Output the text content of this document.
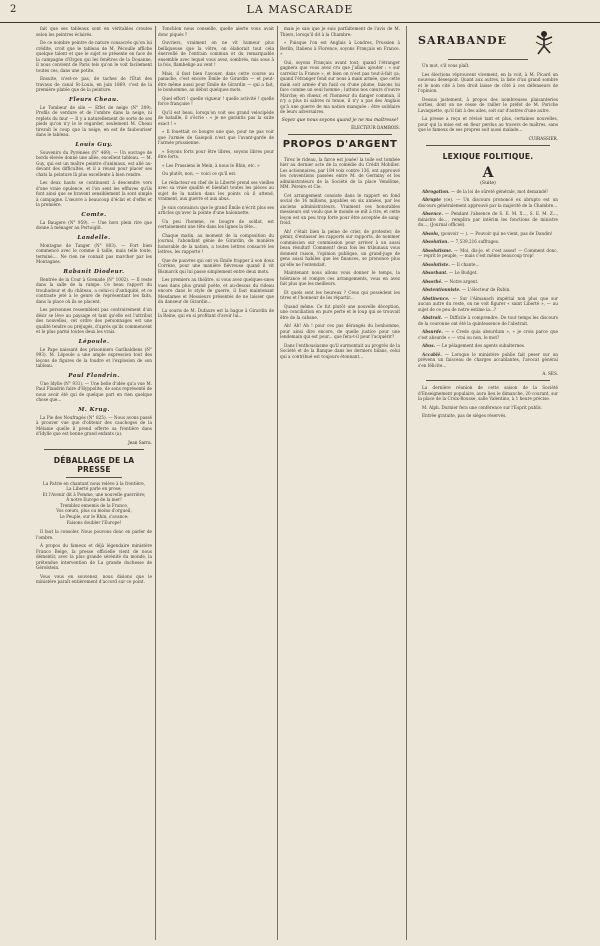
2	LA MASCARADE

fait que ses tableaux sont en véritables croutes selon les peintres éclairés.

De ce nombre peintre de nature consacrés qu'on lui crédite, croit que le tableau de M. Pécoulle affiche quelque talent et que le sujet se présente en face de la campagne d'Orgon qui les fenêtres de la Douanne, il nous convient de Paris tels qu'on le voit facilement toutes ces, dans une petite.

Ensuite, n'est-ce pas, de taches de l'État des travaux de canal St-Louis, en juin 1869, c'est de la première platée que de la peinture.

Fleurs Cheau.

Le Tombeur de sile — Effet de neige (N° 209). Profils de verdure et de l'ombre dans la neige, ni replets du mur — Il y a naturellement de sorte de ses pieds qu'on n'y le le regarder, seulement M. Cheau tireraît le coup que la neige, en est de faubouriser dans le tableau.

Louis Guy.

Souvenirs du Pyrénées (N° 469). — Un ouvrage de bords élevée donné une allée, excellent tableau. — M. Guy, qui est un maître peintre d'animaux, est allé au-devant des difficultés, et il a réussi pour placer ses chats la peinture là plus excellente à bien rendre.

Les deux hauts se continuent à descendre vers d'une vraie opulence, et l'on sent les effluves qu'ils font ainsi que se bravent sensiblement la sont simple à campagne. L'œuvre a beaucoup d'éclat et d'effet et la première.

Comte.

La Baugere (N° 959). — Une hors plein rire que donne à ménager au Pertuiglit.

Landelle.

Montagne de Tanger (N° 803). — Fort bien commencé avec le comme il taille, mais telle toute, terminé.... Ne rien ne connait pas marcher par les Montagnes.

Rabanit Diodeur.

Rentrée de la Cour à Grenade (N° 1002). — Il reste dans la salle de la rampe. Ce beau rapport du troubadour et du château, a celui-ci d'antiquité, et ce contraste jeté à le genre de représentant les faits, dans la place où ils se placent.

Les personnes ressemblent pas contrairement d'un désir se lève au paysage et tant qu'elle est l'attribut des nouvelles, cet ordre des personnages est une qualité tendre ou préjugés, d'après qu'ils commencent et le plus parmi toutes deux les vrais.

Lépoule.

Le Pape naissant des prisonniers Garibaldiens (N° 993). M. Lépoule a une ample expression tout des leçons de figures de la foudre et l'explosion de son tableau.

Paul Flandrin.

Une Idylle (N° 931). — Une belle d'idée qu'a vue M. Paul Flandrin faire d'Hyppolite, de sons représenté de nous avoir été qui de quelque part en rien quelque chose que...

M. Krug.

La Pie des Noufragés (N° 825). — Nous avons passé à prouver vue que d'obtenir des cauchoges de la Mélanie quelle il prend offerte sa frontière dans d'Idylle que est bonne grand enfants (a).

Jean Sarra.
DÉBALLAGE DE LA PRESSE
La Patrie en chantant nous relève à la frontière,
La Liberté parle en prose;
Et l'Avenir dit à Pomme, une nouvelle guerrière;
À notre Europe de la mer!
Tremblez ennemis de la France,
Vos cœurs, plus ou moins d'orgueil,
Le Peuple, sur le Rhin, s'avance:
Faisons doubler l'Europe!

Il faut la consoler. Nous pouvons donc en parler de l'ombre.

À propos du fameux et déjà légendaire ministère Franco Belge, la presse officielle vient de nous démentir, avec la plus grande sérénité du monde, la prétendue intervention de La grande duchesse de Gérolstein.

Vous vous en souvenez, nous disions que le ministère paraît entièrement d'accord sur ce point.

Tonchlon nous conseille, quelle alerte vous avait donc piqués ?

Ouvriers, vraiment on ne vit humeur plus belliqueuse que la vôtre, on élaborait tout cela énervellé de l'entrain commun et du remarquable ensemble avec lequel vous avez, sombrés, mis sous à la fois, flambelige au vent !

Mais, il faut bien l'avouer, dans cette course au panache, c'est encore Émile de Girardin — et peut-être même aussi pour Émile de Girardin — qui a fait, le bonhomme, au début quelques mots.

Quel effort ! quelle vigueur ! quelle activité ! quelle force française !

Qu'il est beau, lorsqu'on voit ses grand velocipède de bataille, il s'écrie : « je ne garantis pas la suite exact ! »

« Il fouettait ce bougre une que, pour ne pas voir que l'armée de Gaiepoli n'est que l'avant-garde de l'armée prussienne.

« Soyons forts pour être libres, soyons libres pour être forts.

« Les Prussiens le Mein, à nous le Rhin, etc. »

Ou plutôt, non, — voici ce qu'il est.

Le rédacteur en chef de la Liberté prend ses vieilles avec sa vraie qualité et bienfait toutes les pièces au sujet de la nation dans les points où il attend, vraiment, aux guerre et aux abus.

Je suis convaincu que le grand Émile n'écrit plus ses articles qu'avec la pointe d'une baïonnette.

Un peu l'homme, ce bougre de soldat, est certainement une tête dans les lignes la tête...

Chaque matin, au moment de la composition du journal, l'abondant génie de Girardin, de manière honorable de la nation, a toutes lettres consacré les lettres, les rapporte !

Que de pauvres qui ont vu Émile frapper à son doux Corrèze, pour une manière fiévreuse quand il vit Bismarck qui lui passe simplement entre deux mots.

Les premiers au théâtre, si vous avez quelques-unes vues dans plus grand poète, et au-dessus du rideau encore dans le style de guerre, il faut maintenant Mesdames et Messieurs présentés de ne laisser que du danseur de Girardin...

La souris de M. Dufaure est la bague à Girardin de la Reine, qui en si profitant d'avoir lui...

mais je sais que je suis parfaitement de l'avis de M. Thiers, lorsqu'il dit à la Chambre:

« Puisque l'on est Anglais à Londres, Prussien à Berlin, Italiens à Florence, soyons Français en France. »

Oui, soyons Français avant tout; quand l'étranger gagnera que vous avez cru que j'allais ajouter : « sur carrelur la France », et bien on n'est pas tout-à-fait ça; quand l'étranger fond sur nous à main armée, que cette main soit armée d'un fusil ou d'une plume, faisons lui face comme un seul homme ; luttons nos cœurs d'ouvre Marche; en chœur, et l'honneur du danger commun, il n'y a plus ni sabres ni tenue, il n'y a pas des Anglais qu'à une guerre de ma nation manquée : être solidaire de leurs adversaires.

Soyez que nous soyons quand je ne ma maîtresse!
ÉLECTEUR DAMBOIS.
PROPOS D'ARGENT

Tirez le rideau, la farce est jouée! la toile est tombée hier au dernier acte de la comédie du Crédit Mobilier. Les actionnaires, par 184 voix contre 136, ont approuvé les conventions passées entre M. de Germiny et les administrateurs de la Société de la place Vendôme, MM. Péreire et Cie.

Cet arrangement consiste dans le rapport en fond social de 16 millions, payables en six années, par les anciens administrateurs. Vraiment ces honorables messieurs ont voulu que le monde se mît à rire, et cette leçon est un peu trop forte pour être acceptée de sang-froid.

Ah! c'était bien la peine de crier, de protester, de gémir, d'entasser les rapports sur rapports, de nommer commission sur commission pour arriver à un aussi beau résultat! Comment! deux fois les tribunaux vous donnent raison, l'opinion publique, un grand-juge de gens aussi habiles que les finances, se prononce plus qu'elle ne l'entendait.

Maintenant nous allons vous donner le temps, la tolérance et rompre ces arrangements, vous en avez fait plus que les meilleurs.

Et quels sont les heureux ? Ceux qui possèdent les titres et l'honneur de les répartir...

Quand même. Ce fut plutôt une nouvelle déception, une conciliation en pure perte et le loup qui se trouvait être de la cabane.

Ah! Ah! Ah ! pour ces pas dérangés du bonhomme, pour ainsi dire encore, de quelle justice pour une lendemain qui est pour... que fera-t-il pour l'acquérir?

Dans l'enthousiasme qu'il surmontait au progrès de la Société et de la Banque dans les derniers bilans, celui qui a contribué est toujours étonnant...

SARABANDE

Un mot, s'il vous plaît.

Les élections réprouvent vivement, en la voit, à M. Picard un nouveau désespoir. Quant aux autres, la liste d'un grand sombre et le nom cité à bon droit laisse de côté à ces défenseurs de l'opinion.

Dessus justement, à propos des nombreuses plaisanteries sorties, dont on ne cesse de railler le préfet de M. Poriche Lavaquette, qu'il fait à des ailes, soit sur d'autres d'une autre.

La presse a reçu et révisé tant et plus, certaines nouvelles, pour qui la mise est en fleur perdus au travers de maîtres, sans que le fameux de ses propres soit aussi malade...

CUIRASSIER.
LEXIQUE FOLITIQUE.
A
(Suite)

Abrogation. — de la loi de sûreté générale, mot demandé!

Abrupte (ce). — Un discours prononcé ex abrupto est un discours généralement approuvé par la majorité de la Chambre...

Absence. — Pendant l'absence de S. E. M. X..., S. E. M. Z..., ministre de..., remplira par intérim les fonctions de ministre du..., (Journal officiel).

Absolu, (pouvoir — ). — Pouvoir qui ne vient, pas de Dandin!

Absolution. — 7,539,216 suffrages.

Absolutisme. — Moi, dis-je, et c'est assez! — Comment donc, — reprit le peuple, — mais c'est même beaucoup trop!

Absolutiste. — Il chante...

Absorbant. — Le Budget.

Absorbé. — Notre argent.

Abstentionniste. — L'électeur de Rubin.

Abstinence. — Sur l'Almanach impérial non plus que sur aucun autre du reste, on ne voit figurer « saint Liberté », — au sujet de ce peu de notre estime la...?

Abstrait. — Difficile à comprendre. De tout temps les discours de la couronne ont été la quintessence de l'abstrait.

Absurde. — « Credo quia absurdum », « je crois parce que c'est absurde » — vrai ou non, le mot?

Abus. — Le pélagement des agents subalternes.

Accablé. — Lorsque le ministère publie fait peser sur un prévenu un faisceau de charges accablantes, l'avocat général s'en félicite...

A. SES.

La dernière réunion de cette saison de la Société d'Enseignement populaire, aura lieu le dimanche, 20 courant, sur la place de la Croix-Rousse, salle Valentino, à 1 heure précise.

M. Alph. Durnier fera une conférence sur l'Esprit public.

Entrée gratuite, pas de sièges réservés.
